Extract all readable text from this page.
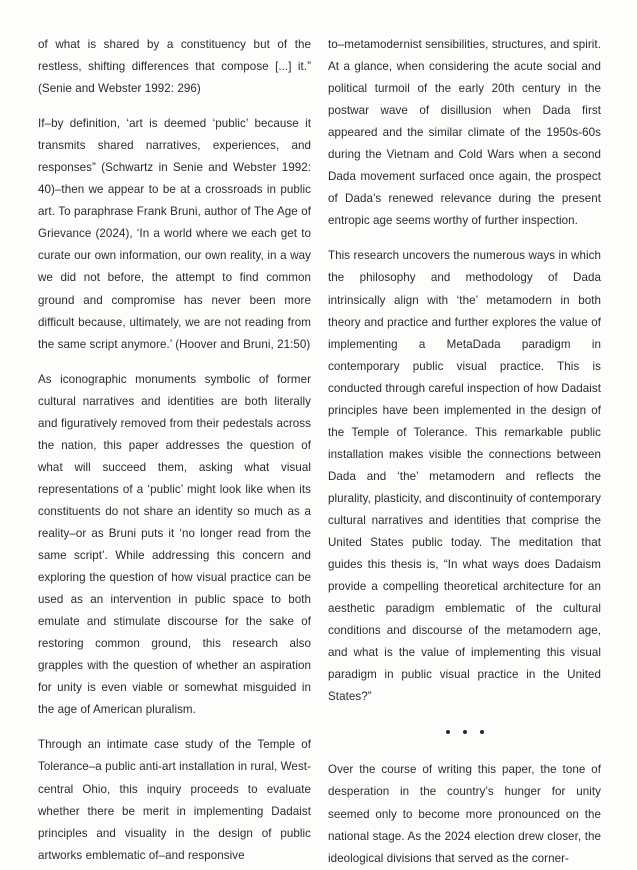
of what is shared by a constituency but of the restless, shifting differences that compose [...] it.” (Senie and Webster 1992: 296)

If–by definition, ‘art is deemed ‘public’ because it transmits shared narratives, experiences, and responses” (Schwartz in Senie and Webster 1992: 40)–then we appear to be at a crossroads in public art. To paraphrase Frank Bruni, author of The Age of Grievance (2024), ‘In a world where we each get to curate our own information, our own reality, in a way we did not before, the attempt to find common ground and compromise has never been more difficult because, ultimately, we are not reading from the same script anymore.’ (Hoover and Bruni, 21:50)

As iconographic monuments symbolic of former cultural narratives and identities are both literally and figuratively removed from their pedestals across the nation, this paper addresses the question of what will succeed them, asking what visual representations of a ‘public’ might look like when its constituents do not share an identity so much as a reality–or as Bruni puts it ‘no longer read from the same script’. While addressing this concern and exploring the question of how visual practice can be used as an intervention in public space to both emulate and stimulate discourse for the sake of restoring common ground, this research also grapples with the question of whether an aspiration for unity is even viable or somewhat misguided in the age of American pluralism.

Through an intimate case study of the Temple of Tolerance–a public anti-art installation in rural, West-central Ohio, this inquiry proceeds to evaluate whether there be merit in implementing Dadaist principles and visuality in the design of public artworks emblematic of–and responsive

to–metamodernist sensibilities, structures, and spirit. At a glance, when considering the acute social and political turmoil of the early 20th century in the postwar wave of disillusion when Dada first appeared and the similar climate of the 1950s-60s during the Vietnam and Cold Wars when a second Dada movement surfaced once again, the prospect of Dada’s renewed relevance during the present entropic age seems worthy of further inspection.

This research uncovers the numerous ways in which the philosophy and methodology of Dada intrinsically align with ‘the’ metamodern in both theory and practice and further explores the value of implementing a MetaDada paradigm in contemporary public visual practice. This is conducted through careful inspection of how Dadaist principles have been implemented in the design of the Temple of Tolerance. This remarkable public installation makes visible the connections between Dada and ‘the’ metamodern and reflects the plurality, plasticity, and discontinuity of contemporary cultural narratives and identities that comprise the United States public today. The meditation that guides this thesis is, “In what ways does Dadaism provide a compelling theoretical architecture for an aesthetic paradigm emblematic of the cultural conditions and discourse of the metamodern age, and what is the value of implementing this visual paradigm in public visual practice in the United States?”

Over the course of writing this paper, the tone of desperation in the country’s hunger for unity seemed only to become more pronounced on the national stage. As the 2024 election drew closer, the ideological divisions that served as the corner-
